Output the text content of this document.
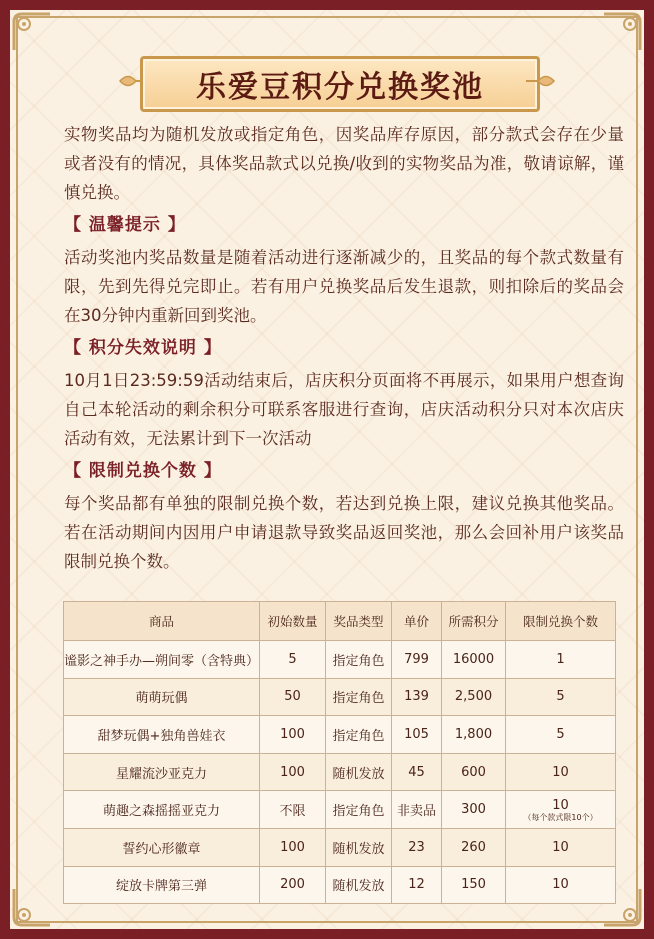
乐爱豆积分兑换奖池

实物奖品均为随机发放或指定角色，因奖品库存原因，部分款式会存在少量或者没有的情况，具体奖品款式以兑换/收到的实物奖品为准，敬请谅解，谨慎兑换。

【 温馨提示 】

活动奖池内奖品数量是随着活动进行逐渐减少的，且奖品的每个款式数量有限，先到先得兑完即止。若有用户兑换奖品后发生退款，则扣除后的奖品会在30分钟内重新回到奖池。

【 积分失效说明 】

10月1日23:59:59活动结束后，店庆积分页面将不再展示，如果用户想查询自己本轮活动的剩余积分可联系客服进行查询，店庆活动积分只对本次店庆活动有效，无法累计到下一次活动

【 限制兑换个数 】

每个奖品都有单独的限制兑换个数，若达到兑换上限，建议兑换其他奖品。若在活动期间内因用户申请退款导致奖品返回奖池，那么会回补用户该奖品限制兑换个数。

商品	初始数量	奖品类型	单价	所需积分	限制兑换个数
谧影之神手办—朔间零（含特典）	5	指定角色	799	16000	1
萌萌玩偶	50	指定角色	139	2,500	5
甜梦玩偶+独角兽娃衣	100	指定角色	105	1,800	5
星耀流沙亚克力	100	随机发放	45	600	10
萌趣之森摇摇亚克力	不限	指定角色	非卖品	300	10
（每个款式限10个）

誓约心形徽章	100	随机发放	23	260	10
绽放卡牌第三弹	200	随机发放	12	150	10
